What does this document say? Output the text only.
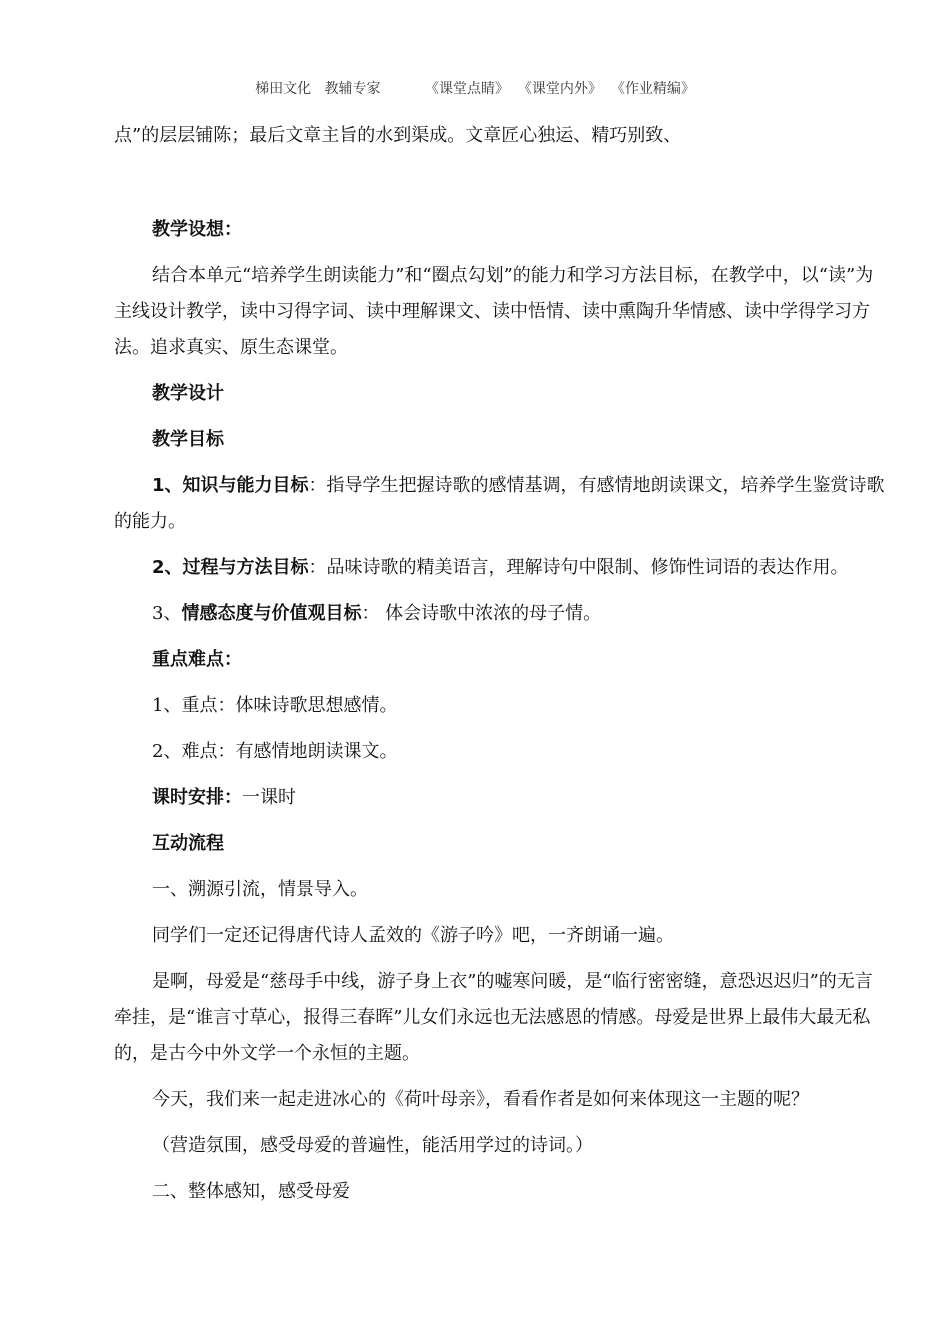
梯田文化   教辅专家          《课堂点睛》  《课堂内外》  《作业精编》

点”的层层铺陈；最后文章主旨的水到渠成。文章匠心独运、精巧别致、

教学设想：

结合本单元“培养学生朗读能力”和“圈点勾划”的能力和学习方法目标，在教学中，以“读”为主线设计教学，读中习得字词、读中理解课文、读中悟情、读中熏陶升华情感、读中学得学习方法。追求真实、原生态课堂。

教学设计

教学目标

1、知识与能力目标：指导学生把握诗歌的感情基调，有感情地朗读课文，培养学生鉴赏诗歌的能力。

2、过程与方法目标：品味诗歌的精美语言，理解诗句中限制、修饰性词语的表达作用。

3、情感态度与价值观目标： 体会诗歌中浓浓的母子情。

重点难点：

1、重点：体味诗歌思想感情。

2、难点：有感情地朗读课文。

课时安排：一课时

互动流程

一、溯源引流，情景导入。

同学们一定还记得唐代诗人孟效的《游子吟》吧，一齐朗诵一遍。

是啊，母爱是“慈母手中线，游子身上衣”的嘘寒问暖，是“临行密密缝，意恐迟迟归”的无言牵挂，是“谁言寸草心，报得三春晖”儿女们永远也无法感恩的情感。母爱是世界上最伟大最无私的，是古今中外文学一个永恒的主题。

今天，我们来一起走进冰心的《荷叶母亲》，看看作者是如何来体现这一主题的呢？

（营造氛围，感受母爱的普遍性，能活用学过的诗词。）

二、整体感知，感受母爱
